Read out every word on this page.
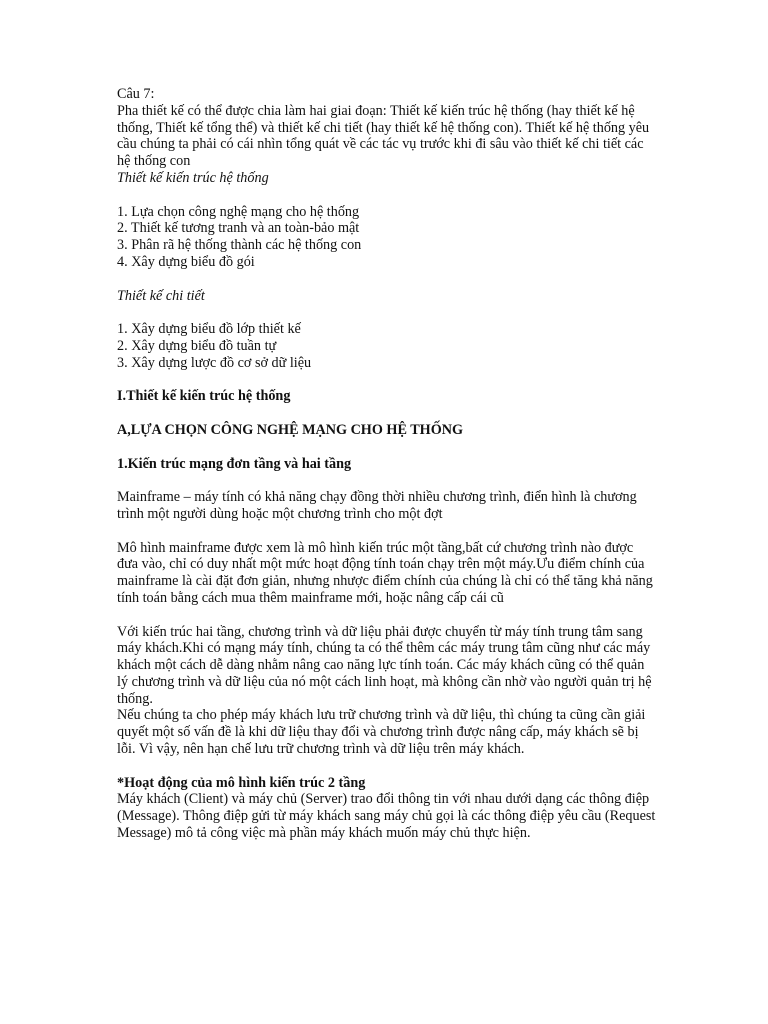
Câu 7:

Pha thiết kế có thể được chia làm hai giai đoạn: Thiết kế kiến trúc hệ thống (hay thiết kế hệ thống, Thiết kế tổng thể) và thiết kế chi tiết (hay thiết kế hệ thống con). Thiết kế hệ thống yêu cầu chúng ta phải có cái nhìn tổng quát về các tác vụ trước khi đi sâu vào thiết kế chi tiết các hệ thống con

Thiết kế kiến trúc hệ thống

1. Lựa chọn công nghệ mạng cho hệ thống

2. Thiết kế tương tranh và an toàn-bảo mật

3. Phân rã hệ thống thành các hệ thống con

4. Xây dựng biểu đồ gói

Thiết kế chi tiết

1. Xây dựng biểu đồ lớp thiết kế

2. Xây dựng biểu đồ tuần tự

3. Xây dựng lược đồ cơ sở dữ liệu

I.Thiết kế kiến trúc hệ thống

A,LỰA CHỌN CÔNG NGHỆ MẠNG CHO HỆ THỐNG

1.Kiến trúc mạng đơn tầng và hai tầng

Mainframe – máy tính có khả năng chạy đồng thời nhiều chương trình, điển hình là chương trình một người dùng hoặc một chương trình cho một đợt

Mô hình mainframe được xem là mô hình kiến trúc một tầng,bất cứ chương trình nào được đưa vào, chỉ có duy nhất một mức hoạt động tính toán chạy trên một máy.Ưu điểm chính của mainframe là cài đặt đơn giản, nhưng nhược điểm chính của chúng là chỉ có thể tăng khả năng tính toán bằng cách mua thêm mainframe mới, hoặc nâng cấp cái cũ

Với kiến trúc hai tầng, chương trình và dữ liệu phải được chuyển từ máy tính trung tâm sang máy khách.Khi có mạng máy tính, chúng ta có thể thêm các máy trung tâm cũng như các máy khách một cách dễ dàng nhằm nâng cao năng lực tính toán. Các máy khách cũng có thể quản lý chương trình và dữ liệu của nó một cách linh hoạt, mà không cần nhờ vào người quản trị hệ thống.

Nếu chúng ta cho phép máy khách lưu trữ chương trình và dữ liệu, thì chúng ta cũng cần giải quyết một số vấn đề là khi dữ liệu thay đổi và chương trình được nâng cấp, máy khách sẽ bị lỗi. Vì vậy, nên hạn chế lưu trữ chương trình và dữ liệu trên máy khách.

*Hoạt động của mô hình kiến trúc 2 tầng

Máy khách (Client) và máy chủ (Server) trao đổi thông tin với nhau dưới dạng các thông điệp (Message). Thông điệp gửi từ máy khách sang máy chủ gọi là các thông điệp yêu cầu (Request Message) mô tả công việc mà phần máy khách muốn máy chủ thực hiện.
